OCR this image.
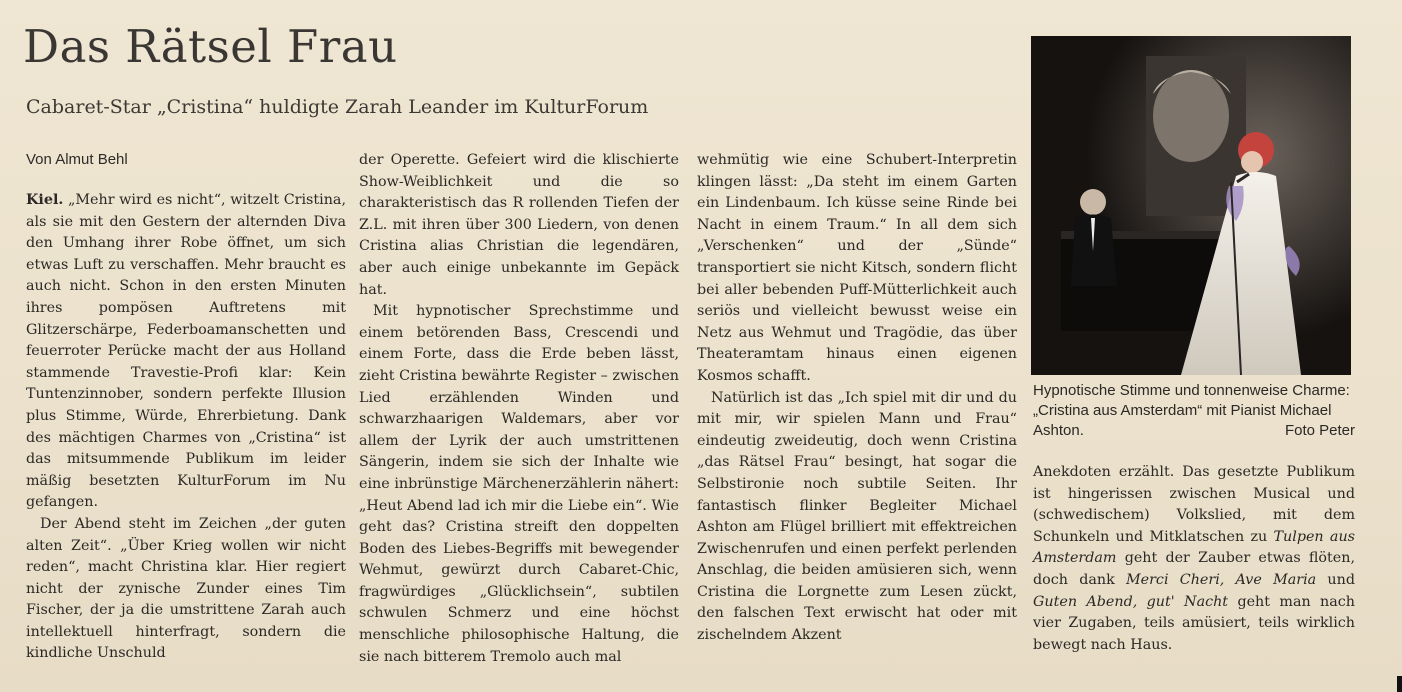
Das Rätsel Frau
Cabaret-Star „Cristina“ huldigte Zarah Leander im KulturForum
Von Almut Behl

Kiel. „Mehr wird es nicht“, witzelt Cristina, als sie mit den Gestern der alternden Diva den Umhang ihrer Robe öffnet, um sich etwas Luft zu verschaffen. Mehr braucht es auch nicht. Schon in den ersten Minuten ihres pompösen Auftretens mit Glitzerschärpe, Federboamanschetten und feuerroter Perücke macht der aus Holland stammende Travestie-Profi klar: Kein Tuntenzinnober, sondern perfekte Illusion plus Stimme, Würde, Ehrerbietung. Dank des mächtigen Charmes von „Cristina“ ist das mitsummende Publikum im leider mäßig besetzten KulturForum im Nu gefangen.

Der Abend steht im Zeichen „der guten alten Zeit“. „Über Krieg wollen wir nicht reden“, macht Christina klar. Hier regiert nicht der zynische Zunder eines Tim Fischer, der ja die umstrittene Zarah auch intellektuell hinterfragt, sondern die kindliche Unschuld

der Operette. Gefeiert wird die klischierte Show-Weiblichkeit und die so charakteristisch das R rollenden Tiefen der Z.L. mit ihren über 300 Liedern, von denen Cristina alias Christian die legendären, aber auch einige unbekannte im Gepäck hat.

Mit hypnotischer Sprechstimme und einem betörenden Bass, Crescendi und einem Forte, dass die Erde beben lässt, zieht Cristina bewährte Register – zwischen Lied erzählenden Winden und schwarzhaarigen Waldemars, aber vor allem der Lyrik der auch umstrittenen Sängerin, indem sie sich der Inhalte wie eine inbrünstige Märchenerzählerin nähert: „Heut Abend lad ich mir die Liebe ein“. Wie geht das? Cristina streift den doppelten Boden des Liebes-Begriffs mit bewegender Wehmut, gewürzt durch Cabaret-Chic, fragwürdiges „Glücklichsein“, subtilen schwulen Schmerz und eine höchst menschliche philosophische Haltung, die sie nach bitterem Tremolo auch mal

wehmütig wie eine Schubert-Interpretin klingen lässt: „Da steht im einem Garten ein Lindenbaum. Ich küsse seine Rinde bei Nacht in einem Traum.“ In all dem sich „Verschenken“ und der „Sünde“ transportiert sie nicht Kitsch, sondern flicht bei aller bebenden Puff-Mütterlichkeit auch seriös und vielleicht bewusst weise ein Netz aus Wehmut und Tragödie, das über Theateramtam hinaus einen eigenen Kosmos schafft.

Natürlich ist das „Ich spiel mit dir und du mit mir, wir spielen Mann und Frau“ eindeutig zweideutig, doch wenn Cristina „das Rätsel Frau“ besingt, hat sogar die Selbstironie noch subtile Seiten. Ihr fantastisch flinker Begleiter Michael Ashton am Flügel brilliert mit effektreichen Zwischenrufen und einen perfekt perlenden Anschlag, die beiden amüsieren sich, wenn Cristina die Lorgnette zum Lesen zückt, den falschen Text erwischt hat oder mit zischelndem Akzent

Hypnotische Stimme und tonnenweise Charme: „Cristina aus Amsterdam“ mit Pianist Michael Ashton.	Foto Peter

Anekdoten erzählt. Das gesetzte Publikum ist hingerissen zwischen Musical und (schwedischem) Volkslied, mit dem Schunkeln und Mitklatschen zu Tulpen aus Amsterdam geht der Zauber etwas flöten, doch dank Merci Cheri, Ave Maria und Guten Abend, gut' Nacht geht man nach vier Zugaben, teils amüsiert, teils wirklich bewegt nach Haus.
